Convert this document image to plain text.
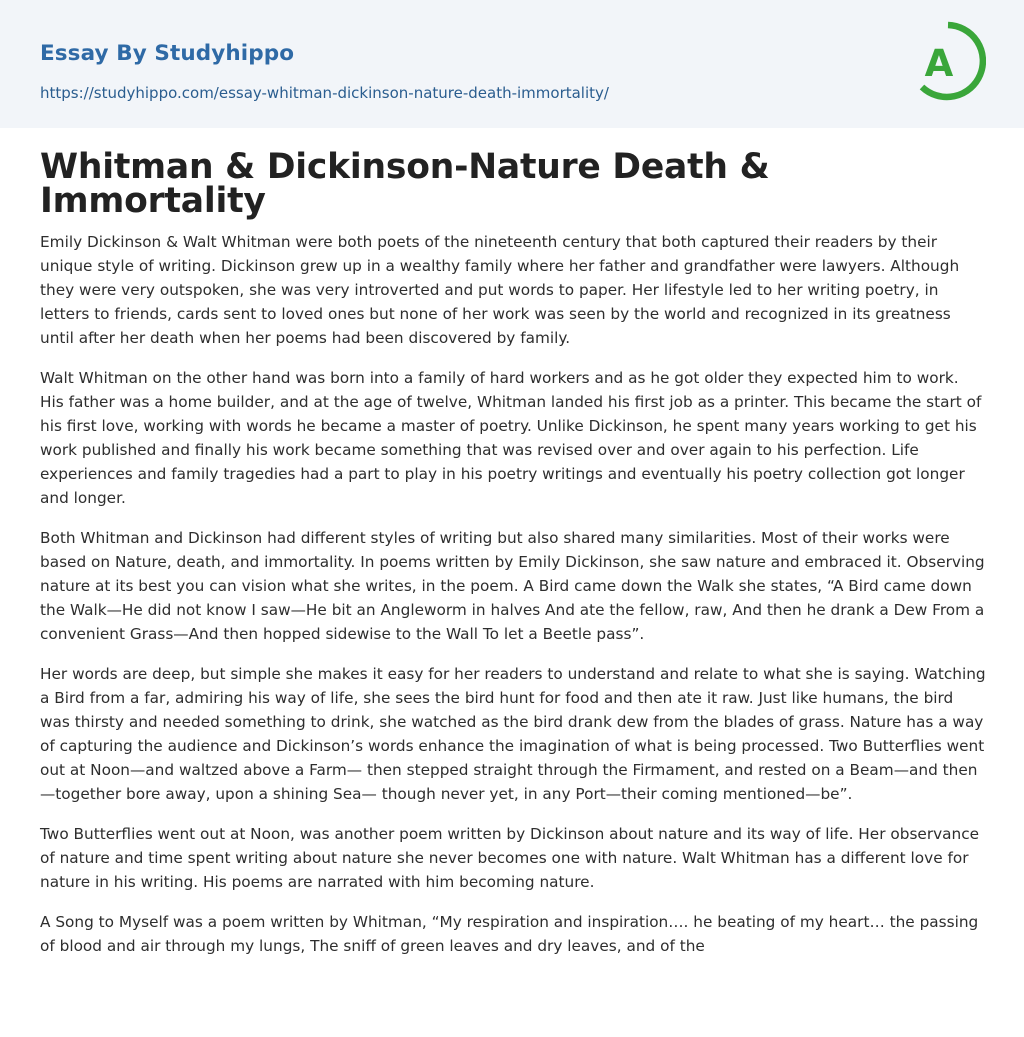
Essay By Studyhippo
https://studyhippo.com/essay-whitman-dickinson-nature-death-immortality/
A
Whitman & Dickinson-Nature Death & Immortality

Emily Dickinson & Walt Whitman were both poets of the nineteenth century that both captured their readers by their unique style of writing. Dickinson grew up in a wealthy family where her father and grandfather were lawyers. Although they were very outspoken, she was very introverted and put words to paper. Her lifestyle led to her writing poetry, in letters to friends, cards sent to loved ones but none of her work was seen by the world and recognized in its greatness until after her death when her poems had been discovered by family.

Walt Whitman on the other hand was born into a family of hard workers and as he got older they expected him to work. His father was a home builder, and at the age of twelve, Whitman landed his first job as a printer. This became the start of his first love, working with words he became a master of poetry. Unlike Dickinson, he spent many years working to get his work published and finally his work became something that was revised over and over again to his perfection. Life experiences and family tragedies had a part to play in his poetry writings and eventually his poetry collection got longer and longer.

Both Whitman and Dickinson had different styles of writing but also shared many similarities. Most of their works were based on Nature, death, and immortality. In poems written by Emily Dickinson, she saw nature and embraced it. Observing nature at its best you can vision what she writes, in the poem. A Bird came down the Walk she states, “A Bird came down the Walk—He did not know I saw—He bit an Angleworm in halves And ate the fellow, raw, And then he drank a Dew From a convenient Grass—And then hopped sidewise to the Wall To let a Beetle pass”.

Her words are deep, but simple she makes it easy for her readers to understand and relate to what she is saying. Watching a Bird from a far, admiring his way of life, she sees the bird hunt for food and then ate it raw. Just like humans, the bird was thirsty and needed something to drink, she watched as the bird drank dew from the blades of grass. Nature has a way of capturing the audience and Dickinson’s words enhance the imagination of what is being processed. Two Butterflies went out at Noon—and waltzed above a Farm— then stepped straight through the Firmament, and rested on a Beam—and then—together bore away, upon a shining Sea— though never yet, in any Port—their coming mentioned—be”.

Two Butterflies went out at Noon, was another poem written by Dickinson about nature and its way of life. Her observance of nature and time spent writing about nature she never becomes one with nature. Walt Whitman has a different love for nature in his writing. His poems are narrated with him becoming nature.

A Song to Myself was a poem written by Whitman, “My respiration and inspiration…. he beating of my heart… the passing of blood and air through my lungs, The sniff of green leaves and dry leaves, and of the
